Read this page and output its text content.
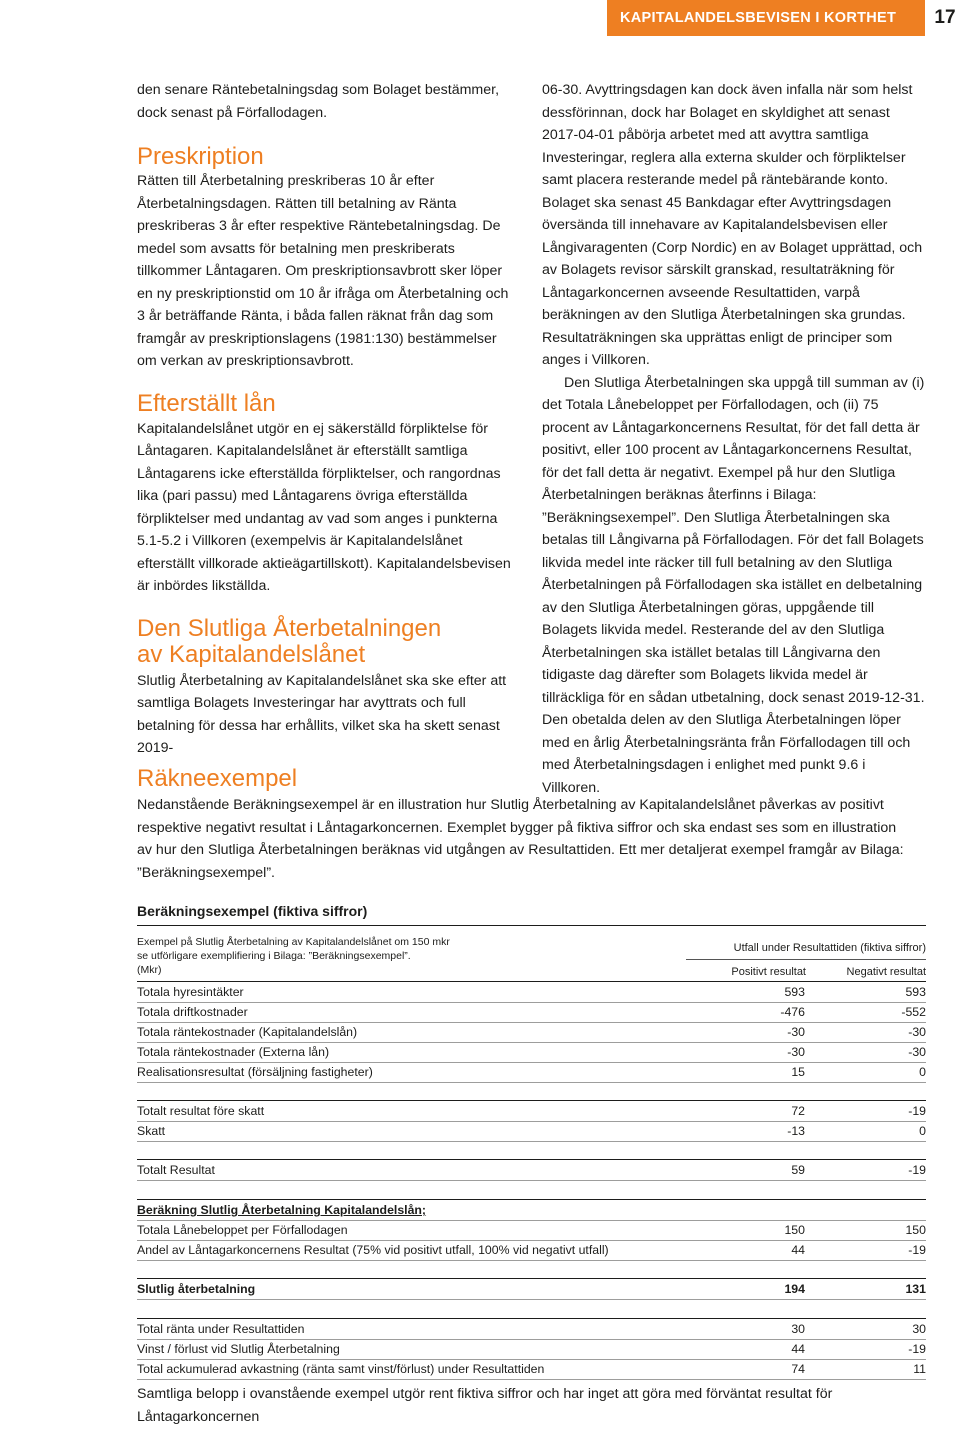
KAPITALANDELSBEVISEN I KORTHET 17

den senare Räntebetalningsdag som Bolaget bestämmer, dock senast på Förfallodagen.

Preskription

Rätten till Återbetalning preskriberas 10 år efter Återbetalningsdagen. Rätten till betalning av Ränta preskriberas 3 år efter respektive Räntebetalningsdag. De medel som avsatts för betalning men preskriberats tillkommer Låntagaren. Om preskriptionsavbrott sker löper en ny preskriptionstid om 10 år ifråga om Återbetalning och 3 år beträffande Ränta, i båda fallen räknat från dag som framgår av preskriptionslagens (1981:130) bestämmelser om verkan av preskriptionsavbrott.

Efterställt lån

Kapitalandelslånet utgör en ej säkerställd förpliktelse för Låntagaren. Kapitalandelslånet är efterställt samtliga Låntagarens icke efterställda förpliktelser, och rangordnas lika (pari passu) med Låntagarens övriga efterställda förpliktelser med undantag av vad som anges i punkterna 5.1-5.2 i Villkoren (exempelvis är Kapitalandelslånet efterställt villkorade aktieägartillskott). Kapitalandelsbevisen är inbördes likställda.

Den Slutliga Återbetalningen av Kapitalandelslånet

Slutlig Återbetalning av Kapitalandelslånet ska ske efter att samtliga Bolagets Investeringar har avyttrats och full betalning för dessa har erhållits, vilket ska ha skett senast 2019-

06-30. Avyttringsdagen kan dock även infalla när som helst dessförinnan, dock har Bolaget en skyldighet att senast 2017-04-01 påbörja arbetet med att avyttra samtliga Investeringar, reglera alla externa skulder och förpliktelser samt placera resterande medel på räntebärande konto. Bolaget ska senast 45 Bankdagar efter Avyttringsdagen översända till innehavare av Kapitalandelsbevisen eller Långivaragenten (Corp Nordic) en av Bolaget upprättad, och av Bolagets revisor särskilt granskad, resultaträkning för Låntagarkoncernen avseende Resultattiden, varpå beräkningen av den Slutliga Återbetalningen ska grundas. Resultaträkningen ska upprättas enligt de principer som anges i Villkoren.

Den Slutliga Återbetalningen ska uppgå till summan av (i) det Totala Lånebeloppet per Förfallodagen, och (ii) 75 procent av Låntagarkoncernens Resultat, för det fall detta är positivt, eller 100 procent av Låntagarkoncernens Resultat, för det fall detta är negativt. Exempel på hur den Slutliga Återbetalningen beräknas återfinns i Bilaga: ”Beräkningsexempel”. Den Slutliga Återbetalningen ska betalas till Långivarna på Förfallodagen. För det fall Bolagets likvida medel inte räcker till full betalning av den Slutliga Återbetalningen på Förfallodagen ska istället en delbetalning av den Slutliga Återbetalningen göras, uppgående till Bolagets likvida medel. Resterande del av den Slutliga Återbetalningen ska istället betalas till Långivarna den tidigaste dag därefter som Bolagets likvida medel är tillräckliga för en sådan utbetalning, dock senast 2019-12-31. Den obetalda delen av den Slutliga Återbetalningen löper med en årlig Återbetalningsränta från Förfallodagen till och med Återbetalningsdagen i enlighet med punkt 9.6 i Villkoren.

Räkneexempel

Nedanstående Beräkningsexempel är en illustration hur Slutlig Återbetalning av Kapitalandelslånet påverkas av positivt respektive negativt resultat i Låntagarkoncernen. Exemplet bygger på fiktiva siffror och ska endast ses som en illustration av hur den Slutliga Återbetalningen beräknas vid utgången av Resultattiden. Ett mer detaljerat exempel framgår av Bilaga: ”Beräkningsexempel”.

Beräkningsexempel (fiktiva siffror)
Exempel på Slutlig Återbetalning av Kapitalandelslånet om 150 mkr
se utförligare exemplifiering i Bilaga: ”Beräkningsexempel”.
(Mkr)
Utfall under Resultattiden (fiktiva siffror)
Positivt resultat	Negativt resultat
Totala hyresintäkter	593	593
Totala driftkostnader	-476	-552
Totala räntekostnader (Kapitalandelslån)	-30	-30
Totala räntekostnader (Externa lån)	-30	-30
Realisationsresultat (försäljning fastigheter)	15	0
Totalt resultat före skatt	72	-19
Skatt	-13	0
Totalt Resultat	59	-19
Beräkning Slutlig Återbetalning Kapitalandelslån;
Totala Lånebeloppet per Förfallodagen	150	150
Andel av Låntagarkoncernens Resultat (75% vid positivt utfall, 100% vid negativt utfall)	44	-19
Slutlig återbetalning	194	131
Total ränta under Resultattiden	30	30
Vinst / förlust vid Slutlig Återbetalning	44	-19
Total ackumulerad avkastning (ränta samt vinst/förlust) under Resultattiden	74	11
Samtliga belopp i ovanstående exempel utgör rent fiktiva siffror och har inget att göra med förväntat resultat för Låntagarkoncernen
